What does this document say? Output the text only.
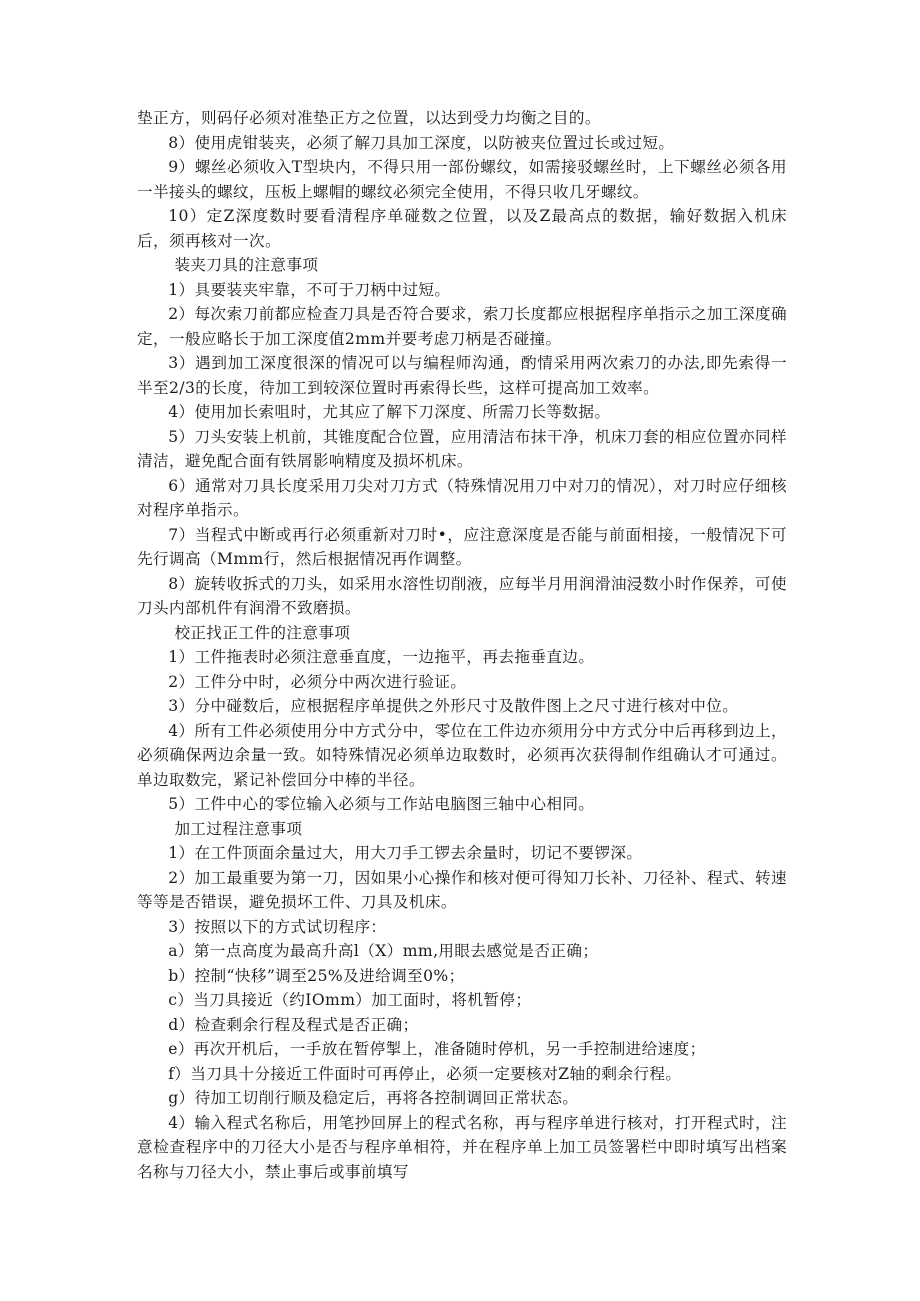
垫正方，则码仔必须对准垫正方之位置，以达到受力均衡之目的。

8）使用虎钳装夹，必须了解刀具加工深度，以防被夹位置过长或过短。

9）螺丝必须收入T型块内，不得只用一部份螺纹，如需接驳螺丝时，上下螺丝必须各用一半接头的螺纹，压板上螺帽的螺纹必须完全使用，不得只收几牙螺纹。

10）定Z深度数时要看清程序单碰数之位置，以及Z最高点的数据，输好数据入机床后，须再核对一次。

装夹刀具的注意事项

1）具要装夹牢靠，不可于刀柄中过短。

2）每次索刀前都应检查刀具是否符合要求，索刀长度都应根据程序单指示之加工深度确定，一般应略长于加工深度值2mm并要考虑刀柄是否碰撞。

3）遇到加工深度很深的情况可以与编程师沟通，酌情采用两次索刀的办法,即先索得一半至2/3的长度，待加工到较深位置时再索得长些，这样可提高加工效率。

4）使用加长索咀时，尤其应了解下刀深度、所需刀长等数据。

5）刀头安装上机前，其锥度配合位置，应用清洁布抹干净，机床刀套的相应位置亦同样清洁，避免配合面有铁屑影响精度及损坏机床。

6）通常对刀具长度采用刀尖对刀方式（特殊情况用刀中对刀的情况），对刀时应仔细核对程序单指示。

7）当程式中断或再行必须重新对刀时•，应注意深度是否能与前面相接，一般情况下可先行调高（Mmm行，然后根据情况再作调整。

8）旋转收拆式的刀头，如采用水溶性切削液，应每半月用润滑油浸数小时作保养，可使刀头内部机件有润滑不致磨损。

校正找正工件的注意事项

1）工件拖表时必须注意垂直度，一边拖平，再去拖垂直边。

2）工件分中时，必须分中两次进行验证。

3）分中碰数后，应根据程序单提供之外形尺寸及散件图上之尺寸进行核对中位。

4）所有工件必须使用分中方式分中，零位在工件边亦须用分中方式分中后再移到边上，必须确保两边余量一致。如特殊情况必须单边取数时，必须再次获得制作组确认才可通过。单边取数完，紧记补偿回分中棒的半径。

5）工件中心的零位输入必须与工作站电脑图三轴中心相同。

加工过程注意事项

1）在工件顶面余量过大，用大刀手工锣去余量时，切记不要锣深。

2）加工最重要为第一刀，因如果小心操作和核对便可得知刀长补、刀径补、程式、转速等等是否错误，避免损坏工件、刀具及机床。

3）按照以下的方式试切程序：

a）第一点高度为最高升高l（X）mm,用眼去感觉是否正确；

b）控制“快移”调至25%及进给调至0%；

c）当刀具接近（约IOmm）加工面时，将机暂停；

d）检查剩余行程及程式是否正确；

e）再次开机后，一手放在暂停掣上，准备随时停机，另一手控制进给速度；

f）当刀具十分接近工件面时可再停止，必须一定要核对Z轴的剩余行程。

g）待加工切削行顺及稳定后，再将各控制调回正常状态。

4）输入程式名称后，用笔抄回屏上的程式名称，再与程序单进行核对，打开程式时，注意检查程序中的刀径大小是否与程序单相符，并在程序单上加工员签署栏中即时填写出档案名称与刀径大小，禁止事后或事前填写
